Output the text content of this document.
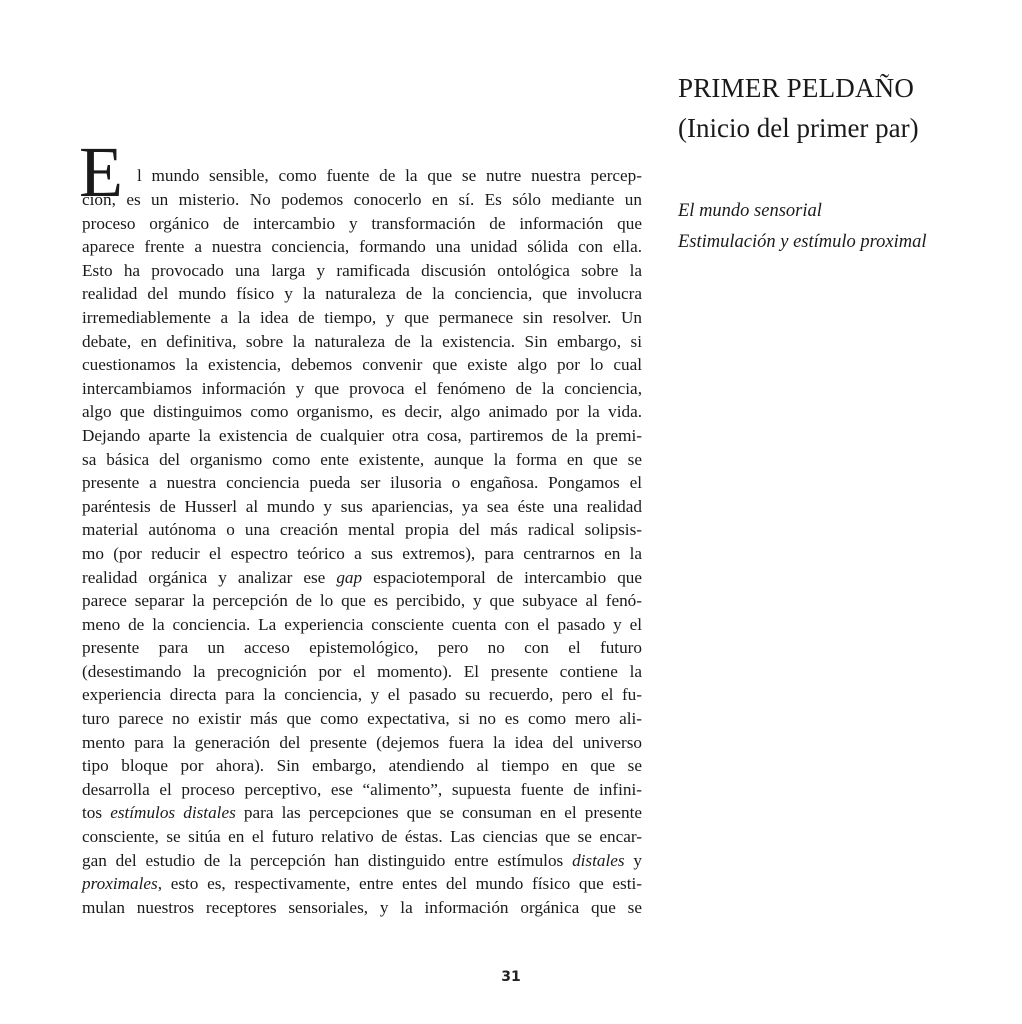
PRIMER PELDAÑO
(Inicio del primer par)
El mundo sensorial
Estimulación y estímulo proximal
E l mundo sensible, como fuente de la que se nutre nuestra percep-
ción, es un misterio. No podemos conocerlo en sí. Es sólo mediante un
proceso orgánico de intercambio y transformación de información que
aparece frente a nuestra conciencia, formando una unidad sólida con ella.
Esto ha provocado una larga y ramificada discusión ontológica sobre la
realidad del mundo físico y la naturaleza de la conciencia, que involucra
irremediablemente a la idea de tiempo, y que permanece sin resolver. Un
debate, en definitiva, sobre la naturaleza de la existencia. Sin embargo, si
cuestionamos la existencia, debemos convenir que existe algo por lo cual
intercambiamos información y que provoca el fenómeno de la conciencia,
algo que distinguimos como organismo, es decir, algo animado por la vida.
Dejando aparte la existencia de cualquier otra cosa, partiremos de la premi-
sa básica del organismo como ente existente, aunque la forma en que se
presente a nuestra conciencia pueda ser ilusoria o engañosa. Pongamos el
paréntesis de Husserl al mundo y sus apariencias, ya sea éste una realidad
material autónoma o una creación mental propia del más radical solipsis-
mo (por reducir el espectro teórico a sus extremos), para centrarnos en la
realidad orgánica y analizar ese gap espaciotemporal de intercambio que
parece separar la percepción de lo que es percibido, y que subyace al fenó-
meno de la conciencia. La experiencia consciente cuenta con el pasado y el
presente para un acceso epistemológico, pero no con el futuro
(desestimando la precognición por el momento). El presente contiene la
experiencia directa para la conciencia, y el pasado su recuerdo, pero el fu-
turo parece no existir más que como expectativa, si no es como mero ali-
mento para la generación del presente (dejemos fuera la idea del universo
tipo bloque por ahora). Sin embargo, atendiendo al tiempo en que se
desarrolla el proceso perceptivo, ese “alimento”, supuesta fuente de infini-
tos estímulos distales para las percepciones que se consuman en el presente
consciente, se sitúa en el futuro relativo de éstas. Las ciencias que se encar-
gan del estudio de la percepción han distinguido entre estímulos distales y
proximales, esto es, respectivamente, entre entes del mundo físico que esti-
mulan nuestros receptores sensoriales, y la información orgánica que se
31
